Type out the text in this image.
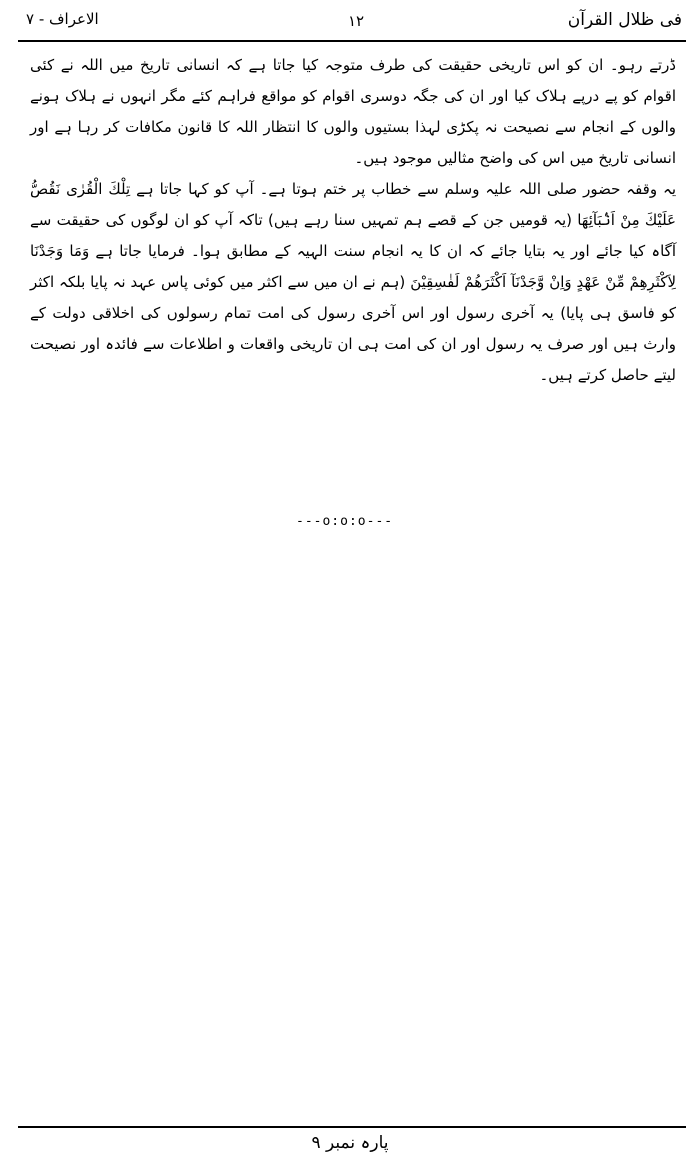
فی ظلال القرآن
١٢
الاعراف - ٧

ڈرتے رہو۔ ان کو اس تاریخی حقیقت کی طرف متوجہ کیا جاتا ہے کہ انسانی تاریخ میں اللہ نے کئی اقوام کو پے درپے ہلاک کیا اور ان کی جگہ دوسری اقوام کو مواقع فراہم کئے مگر انہوں نے ہلاک ہونے والوں کے انجام سے نصیحت نہ پکڑی لہذا بستیوں والوں کا انتظار اللہ کا قانون مکافات کر رہا ہے اور انسانی تاریخ میں اس کی واضح مثالیں موجود ہیں۔

یہ وقفہ حضور صلی اللہ علیہ وسلم سے خطاب پر ختم ہوتا ہے۔ آپ کو کہا جاتا ہے تِلْكَ الْقُرٰى نَقُصُّ عَلَيْكَ مِنْ اَنْۢبَآئِهَا (یہ قومیں جن کے قصے ہم تمہیں سنا رہے ہیں) تاکہ آپ کو ان لوگوں کی حقیقت سے آگاہ کیا جائے اور یہ بتایا جائے کہ ان کا یہ انجام سنت الہیہ کے مطابق ہوا۔ فرمایا جاتا ہے وَمَا وَجَدْنَا لِاَكْثَرِهِمْ مِّنْ عَهْدٍ وَاِنْ وَّجَدْنَآ اَكْثَرَهُمْ لَفٰسِقِيْنَ (ہم نے ان میں سے اکثر میں کوئی پاس عہد نہ پایا بلکہ اکثر کو فاسق ہی پایا) یہ آخری رسول اور اس آخری رسول کی امت تمام رسولوں کی اخلاقی دولت کے وارث ہیں اور صرف یہ رسول اور ان کی امت ہی ان تاریخی واقعات و اطلاعات سے فائدہ اور نصیحت لیتے حاصل کرتے ہیں۔

---o:o:o---
پارہ نمبر ٩
